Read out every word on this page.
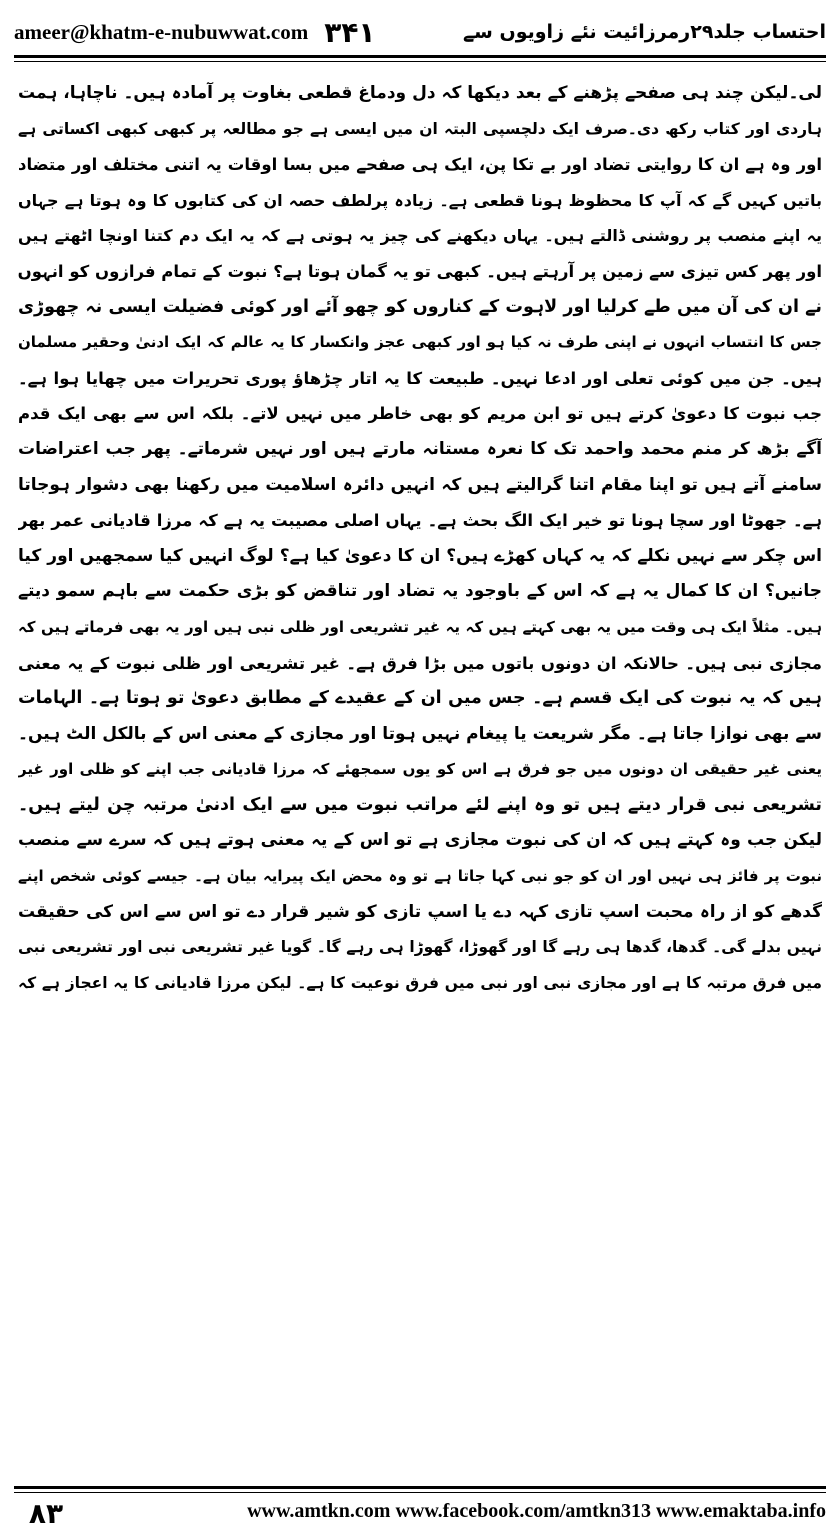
ameer@khatm-e-nubuwwat.com ۳۴۱	احتساب جلد۲۹رمرزائیت نئے زاویوں سے
لی۔لیکن چند ہی صفحے پڑھنے کے بعد دیکھا کہ دل ودماغ قطعی بغاوت پر آمادہ ہیں۔ ناچاہا، ہمت
ہاردی اور کتاب رکھ دی۔صرف ایک دلچسپی البتہ ان میں ایسی ہے جو مطالعہ پر کبھی کبھی اکساتی ہے
اور وہ ہے ان کا روایتی تضاد اور بے تکا پن، ایک ہی صفحے میں بسا اوقات یہ اتنی مختلف اور متضاد
باتیں کہیں گے کہ آپ کا محظوظ ہونا قطعی ہے۔ زیادہ پرلطف حصہ ان کی کتابوں کا وہ ہوتا ہے جہاں
یہ اپنے منصب پر روشنی ڈالتے ہیں۔ یہاں دیکھنے کی چیز یہ ہوتی ہے کہ یہ ایک دم کتنا اونچا اٹھتے ہیں
اور پھر کس تیزی سے زمین پر آرہتے ہیں۔ کبھی تو یہ گمان ہوتا ہے؟ نبوت کے تمام فرازوں کو انہوں
نے ان کی آن میں طے کرلیا اور لاہوت کے کناروں کو چھو آئے اور کوئی فضیلت ایسی نہ چھوڑی
جس کا انتساب انہوں نے اپنی طرف نہ کیا ہو اور کبھی عجز وانکسار کا یہ عالم کہ ایک ادنیٰ وحقیر مسلمان
ہیں۔ جن میں کوئی تعلی اور ادعا نہیں۔ طبیعت کا یہ اتار چڑھاؤ پوری تحریرات میں چھایا ہوا ہے۔
جب نبوت کا دعویٰ کرتے ہیں تو ابن مریم کو بھی خاطر میں نہیں لاتے۔ بلکہ اس سے بھی ایک قدم
آگے بڑھ کر منم محمد واحمد تک کا نعرہ مستانہ مارتے ہیں اور نہیں شرماتے۔ پھر جب اعتراضات
سامنے آتے ہیں تو اپنا مقام اتنا گرالیتے ہیں کہ انہیں دائرہ اسلامیت میں رکھنا بھی دشوار ہوجاتا
ہے۔ جھوٹا اور سچا ہونا تو خیر ایک الگ بحث ہے۔ یہاں اصلی مصیبت یہ ہے کہ مرزا قادیانی عمر بھر
اس چکر سے نہیں نکلے کہ یہ کہاں کھڑے ہیں؟ ان کا دعویٰ کیا ہے؟ لوگ انہیں کیا سمجھیں اور کیا
جانیں؟ ان کا کمال یہ ہے کہ اس کے باوجود یہ تضاد اور تناقض کو بڑی حکمت سے باہم سمو دیتے
ہیں۔ مثلاً ایک ہی وقت میں یہ بھی کہتے ہیں کہ یہ غیر تشریعی اور ظلی نبی ہیں اور یہ بھی فرماتے ہیں کہ
مجازی نبی ہیں۔ حالانکہ ان دونوں باتوں میں بڑا فرق ہے۔ غیر تشریعی اور ظلی نبوت کے یہ معنی
ہیں کہ یہ نبوت کی ایک قسم ہے۔ جس میں ان کے عقیدے کے مطابق دعویٰ تو ہوتا ہے۔ الہامات
سے بھی نوازا جاتا ہے۔ مگر شریعت یا پیغام نہیں ہوتا اور مجازی کے معنی اس کے بالکل الٹ ہیں۔
یعنی غیر حقیقی ان دونوں میں جو فرق ہے اس کو یوں سمجھئے کہ مرزا قادیانی جب اپنے کو ظلی اور غیر
تشریعی نبی قرار دیتے ہیں تو وہ اپنے لئے مراتب نبوت میں سے ایک ادنیٰ مرتبہ چن لیتے ہیں۔
لیکن جب وہ کہتے ہیں کہ ان کی نبوت مجازی ہے تو اس کے یہ معنی ہوتے ہیں کہ سرے سے منصب
نبوت پر فائز ہی نہیں اور ان کو جو نبی کہا جاتا ہے تو وہ محض ایک پیرایہ بیان ہے۔ جیسے کوئی شخص اپنے
گدھے کو از راہ محبت اسپ تازی کہہ دے یا اسپ تازی کو شیر قرار دے تو اس سے اس کی حقیقت
نہیں بدلے گی۔ گدھا، گدھا ہی رہے گا اور گھوڑا، گھوڑا ہی رہے گا۔ گویا غیر تشریعی نبی اور تشریعی نبی
میں فرق مرتبہ کا ہے اور مجازی نبی اور نبی میں فرق نوعیت کا ہے۔ لیکن مرزا قادیانی کا یہ اعجاز ہے کہ
۸۳	www.amtkn.com www.facebook.com/amtkn313 www.emaktaba.info
